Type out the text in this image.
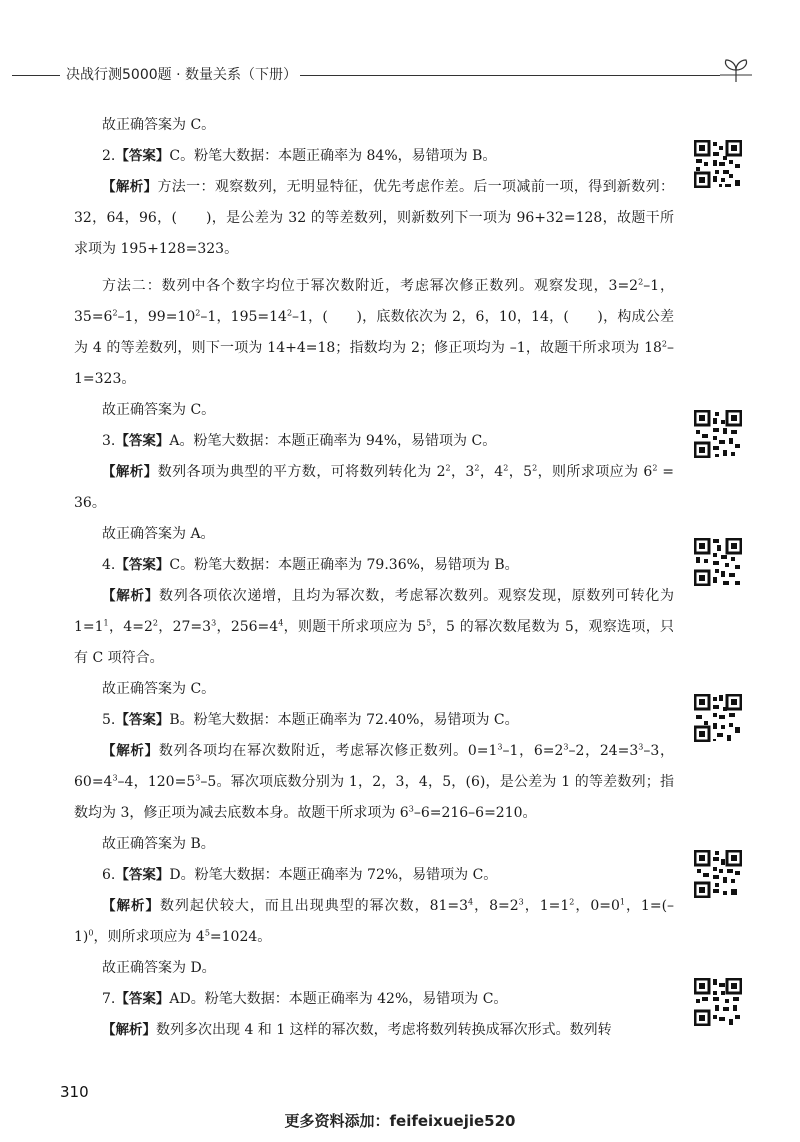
决战行测5000题 · 数量关系（下册）

故正确答案为 C。

2.【答案】C。粉笔大数据：本题正确率为 84%，易错项为 B。

【解析】方法一：观察数列，无明显特征，优先考虑作差。后一项减前一项，得到新数列：32，64，96，(　　)，是公差为 32 的等差数列，则新数列下一项为 96+32=128，故题干所求项为 195+128=323。

方法二：数列中各个数字均位于幂次数附近，考虑幂次修正数列。观察发现，$3=2^2-1$，$35=6^2-1$，$99=10^2-1$，$195=14^2-1$，(　　)，底数依次为 2，6，10，14，(　　)，构成公差为 4 的等差数列，则下一项为 14+4=18；指数均为 2；修正项均为 –1，故题干所求项为 $18^2-1=323$。

故正确答案为 C。

3.【答案】A。粉笔大数据：本题正确率为 94%，易错项为 C。

【解析】数列各项为典型的平方数，可将数列转化为 $2^2$，$3^2$，$4^2$，$5^2$，则所求项应为 $6^2 = 36$。

故正确答案为 A。

4.【答案】C。粉笔大数据：本题正确率为 79.36%，易错项为 B。

【解析】数列各项依次递增，且均为幂次数，考虑幂次数列。观察发现，原数列可转化为 $1=1^1$，$4=2^2$，$27=3^3$，$256=4^4$，则题干所求项应为 $5^5$，5 的幂次数尾数为 5，观察选项，只有 C 项符合。

故正确答案为 C。

5.【答案】B。粉笔大数据：本题正确率为 72.40%，易错项为 C。

【解析】数列各项均在幂次数附近，考虑幂次修正数列。$0=1^3-1$，$6=2^3-2$，$24=3^3-3$，$60=4^3-4$，$120=5^3-5$。幂次项底数分别为 1，2，3，4，5，(6)，是公差为 1 的等差数列；指数均为 3，修正项为减去底数本身。故题干所求项为 $6^3-6=216-6=210$。

故正确答案为 B。

6.【答案】D。粉笔大数据：本题正确率为 72%，易错项为 C。

【解析】数列起伏较大，而且出现典型的幂次数，$81=3^4$，$8=2^3$，$1=1^2$，$0=0^1$，$1=(-1)^0$，则所求项应为 $4^5=1024$。

故正确答案为 D。

7.【答案】AD。粉笔大数据：本题正确率为 42%，易错项为 C。

【解析】数列多次出现 4 和 1 这样的幂次数，考虑将数列转换成幂次形式。数列转

310
更多资料添加：feifeixuejie520
